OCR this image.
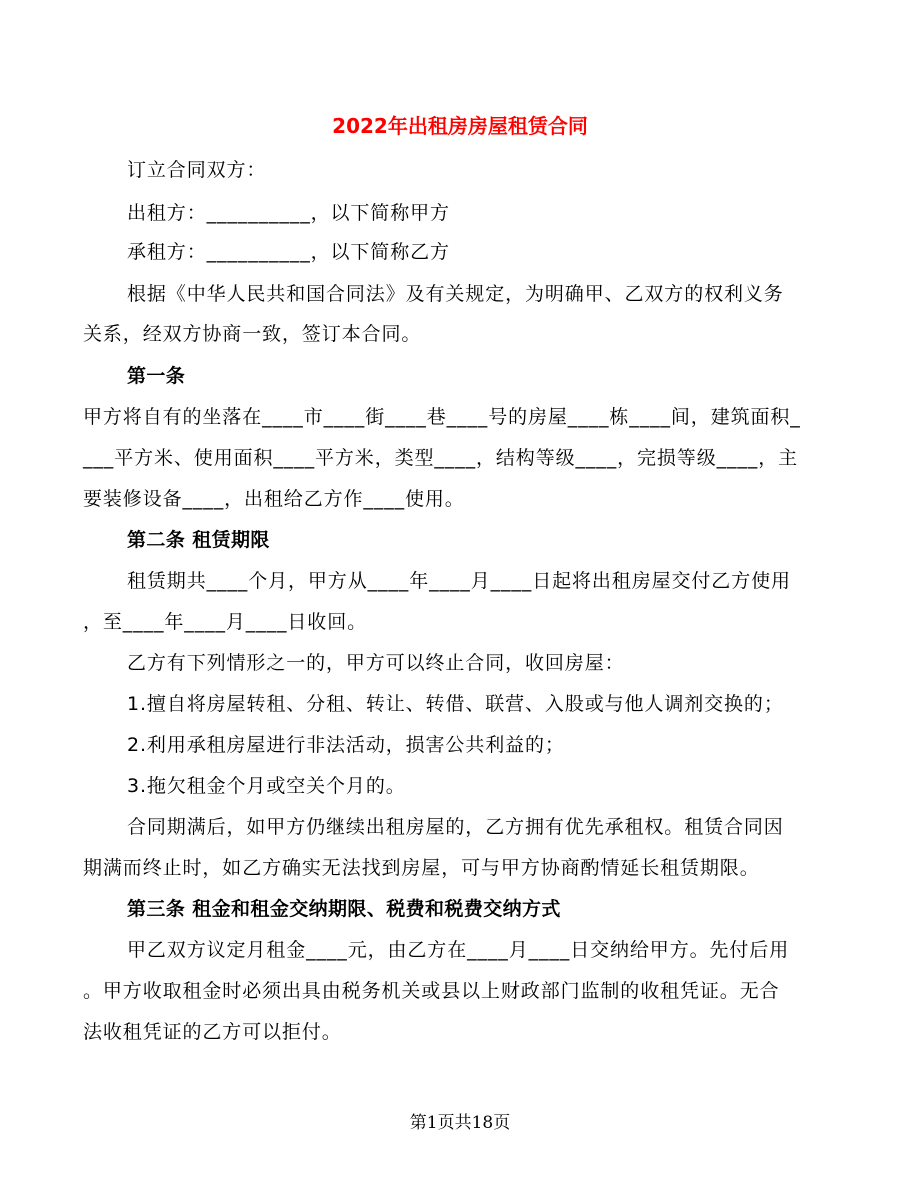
2022年出租房房屋租赁合同
订立合同双方：
出租方：__________，以下简称甲方
承租方：__________，以下简称乙方
根据《中华人民共和国合同法》及有关规定，为明确甲、乙双方的权利义务
关系，经双方协商一致，签订本合同。
第一条
甲方将自有的坐落在____市____街____巷____号的房屋____栋____间，建筑面积_
___平方米、使用面积____平方米，类型____，结构等级____，完损等级____，主
要装修设备____，出租给乙方作____使用。
第二条 租赁期限
租赁期共____个月，甲方从____年____月____日起将出租房屋交付乙方使用
，至____年____月____日收回。
乙方有下列情形之一的，甲方可以终止合同，收回房屋：
1.擅自将房屋转租、分租、转让、转借、联营、入股或与他人调剂交换的；
2.利用承租房屋进行非法活动，损害公共利益的；
3.拖欠租金个月或空关个月的。
合同期满后，如甲方仍继续出租房屋的，乙方拥有优先承租权。租赁合同因
期满而终止时，如乙方确实无法找到房屋，可与甲方协商酌情延长租赁期限。
第三条 租金和租金交纳期限、税费和税费交纳方式
甲乙双方议定月租金____元，由乙方在____月____日交纳给甲方。先付后用
。甲方收取租金时必须出具由税务机关或县以上财政部门监制的收租凭证。无合
法收租凭证的乙方可以拒付。
第1页共18页
